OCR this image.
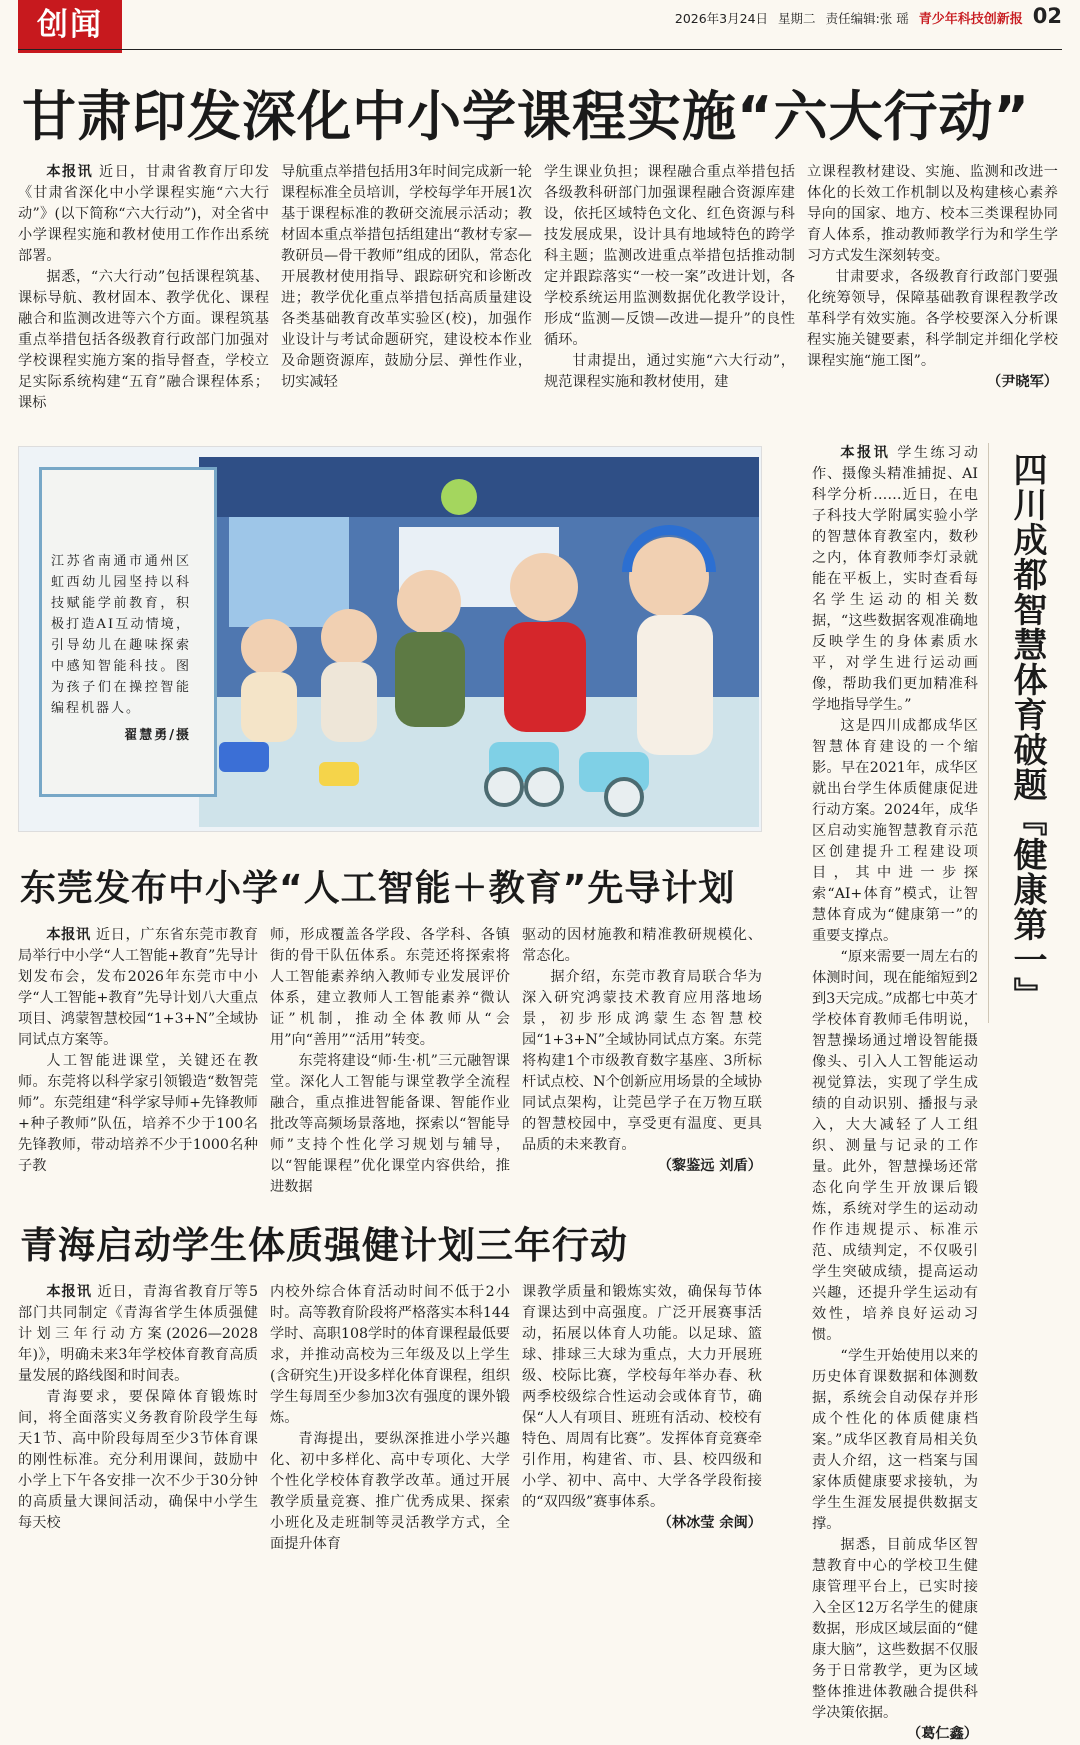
创闻	2026年3月24日 星期二 责任编辑:张 瑶 青少年科技创新报 02
甘肃印发深化中小学课程实施“六大行动”

本报讯 近日，甘肃省教育厅印发《甘肃省深化中小学课程实施“六大行动”》(以下简称“六大行动”)，对全省中小学课程实施和教材使用工作作出系统部署。

据悉，“六大行动”包括课程筑基、课标导航、教材固本、教学优化、课程融合和监测改进等六个方面。课程筑基重点举措包括各级教育行政部门加强对学校课程实施方案的指导督查，学校立足实际系统构建“五育”融合课程体系；课标

导航重点举措包括用3年时间完成新一轮课程标准全员培训，学校每学年开展1次基于课程标准的教研交流展示活动；教材固本重点举措包括组建出“教材专家—教研员—骨干教师”组成的团队，常态化开展教材使用指导、跟踪研究和诊断改进；教学优化重点举措包括高质量建设各类基础教育改革实验区(校)，加强作业设计与考试命题研究，建设校本作业及命题资源库，鼓励分层、弹性作业，切实减轻

学生课业负担；课程融合重点举措包括各级教科研部门加强课程融合资源库建设，依托区域特色文化、红色资源与科技发展成果，设计具有地域特色的跨学科主题；监测改进重点举措包括推动制定并跟踪落实“一校一案”改进计划，各学校系统运用监测数据优化教学设计，形成“监测—反馈—改进—提升”的良性循环。

甘肃提出，通过实施“六大行动”，规范课程实施和教材使用，建

立课程教材建设、实施、监测和改进一体化的长效工作机制以及构建核心素养导向的国家、地方、校本三类课程协同育人体系，推动教师教学行为和学生学习方式发生深刻转变。

甘肃要求，各级教育行政部门要强化统筹领导，保障基础教育课程教学改革科学有效实施。各学校要深入分析课程实施关键要素，科学制定并细化学校课程实施“施工图”。

（尹晓军）

江苏省南通市通州区虹西幼儿园坚持以科技赋能学前教育，积极打造AI互动情境，引导幼儿在趣味探索中感知智能科技。图为孩子们在操控智能编程机器人。
翟慧勇/摄
东莞发布中小学“人工智能＋教育”先导计划

本报讯 近日，广东省东莞市教育局举行中小学“人工智能+教育”先导计划发布会，发布2026年东莞市中小学“人工智能+教育”先导计划八大重点项目、鸿蒙智慧校园“1+3+N”全域协同试点方案等。

人工智能进课堂，关键还在教师。东莞将以科学家引领锻造“数智莞师”。东莞组建“科学家导师+先锋教师+种子教师”队伍，培养不少于100名先锋教师，带动培养不少于1000名种子教

师，形成覆盖各学段、各学科、各镇街的骨干队伍体系。东莞还将探索将人工智能素养纳入教师专业发展评价体系，建立教师人工智能素养“微认证”机制，推动全体教师从“会用”向“善用”“活用”转变。

东莞将建设“师·生·机”三元融智课堂。深化人工智能与课堂教学全流程融合，重点推进智能备课、智能作业批改等高频场景落地，探索以“智能导师”支持个性化学习规划与辅导，以“智能课程”优化课堂内容供给，推进数据

驱动的因材施教和精准教研规模化、常态化。

据介绍，东莞市教育局联合华为深入研究鸿蒙技术教育应用落地场景，初步形成鸿蒙生态智慧校园“1+3+N”全域协同试点方案。东莞将构建1个市级教育数字基座、3所标杆试点校、N个创新应用场景的全域协同试点架构，让莞邑学子在万物互联的智慧校园中，享受更有温度、更具品质的未来教育。

（黎鉴远 刘盾）

青海启动学生体质强健计划三年行动

本报讯 近日，青海省教育厅等5部门共同制定《青海省学生体质强健计划三年行动方案(2026—2028年)》，明确未来3年学校体育教育高质量发展的路线图和时间表。

青海要求，要保障体育锻炼时间，将全面落实义务教育阶段学生每天1节、高中阶段每周至少3节体育课的刚性标准。充分利用课间，鼓励中小学上下午各安排一次不少于30分钟的高质量大课间活动，确保中小学生每天校

内校外综合体育活动时间不低于2小时。高等教育阶段将严格落实本科144学时、高职108学时的体育课程最低要求，并推动高校为三年级及以上学生(含研究生)开设多样化体育课程，组织学生每周至少参加3次有强度的课外锻炼。

青海提出，要纵深推进小学兴趣化、初中多样化、高中专项化、大学个性化学校体育教学改革。通过开展教学质量竞赛、推广优秀成果、探索小班化及走班制等灵活教学方式，全面提升体育

课教学质量和锻炼实效，确保每节体育课达到中高强度。广泛开展赛事活动，拓展以体育人功能。以足球、篮球、排球三大球为重点，大力开展班级、校际比赛，学校每年举办春、秋两季校级综合性运动会或体育节，确保“人人有项目、班班有活动、校校有特色、周周有比赛”。发挥体育竞赛牵引作用，构建省、市、县、校四级和小学、初中、高中、大学各学段衔接的“双四级”赛事体系。

（林冰莹 余闽）

四川成都智慧体育破题『健康第一』

本报讯 学生练习动作、摄像头精准捕捉、AI科学分析……近日，在电子科技大学附属实验小学的智慧体育教室内，数秒之内，体育教师李灯录就能在平板上，实时查看每名学生运动的相关数据，“这些数据客观准确地反映学生的身体素质水平，对学生进行运动画像，帮助我们更加精准科学地指导学生。”

这是四川成都成华区智慧体育建设的一个缩影。早在2021年，成华区就出台学生体质健康促进行动方案。2024年，成华区启动实施智慧教育示范区创建提升工程建设项目，其中进一步探索“AI+体育”模式，让智慧体育成为“健康第一”的重要支撑点。

“原来需要一周左右的体测时间，现在能缩短到2到3天完成。”成都七中英才学校体育教师毛伟明说，智慧操场通过增设智能摄像头、引入人工智能运动视觉算法，实现了学生成绩的自动识别、播报与录入，大大减轻了人工组织、测量与记录的工作量。此外，智慧操场还常态化向学生开放课后锻炼，系统对学生的运动动作作违规提示、标准示范、成绩判定，不仅吸引学生突破成绩，提高运动兴趣，还提升学生运动有效性，培养良好运动习惯。

“学生开始使用以来的历史体育课数据和体测数据，系统会自动保存并形成个性化的体质健康档案。”成华区教育局相关负责人介绍，这一档案与国家体质健康要求接轨，为学生生涯发展提供数据支撑。

据悉，目前成华区智慧教育中心的学校卫生健康管理平台上，已实时接入全区12万名学生的健康数据，形成区域层面的“健康大脑”，这些数据不仅服务于日常教学，更为区域整体推进体教融合提供科学决策依据。

（葛仁鑫）
